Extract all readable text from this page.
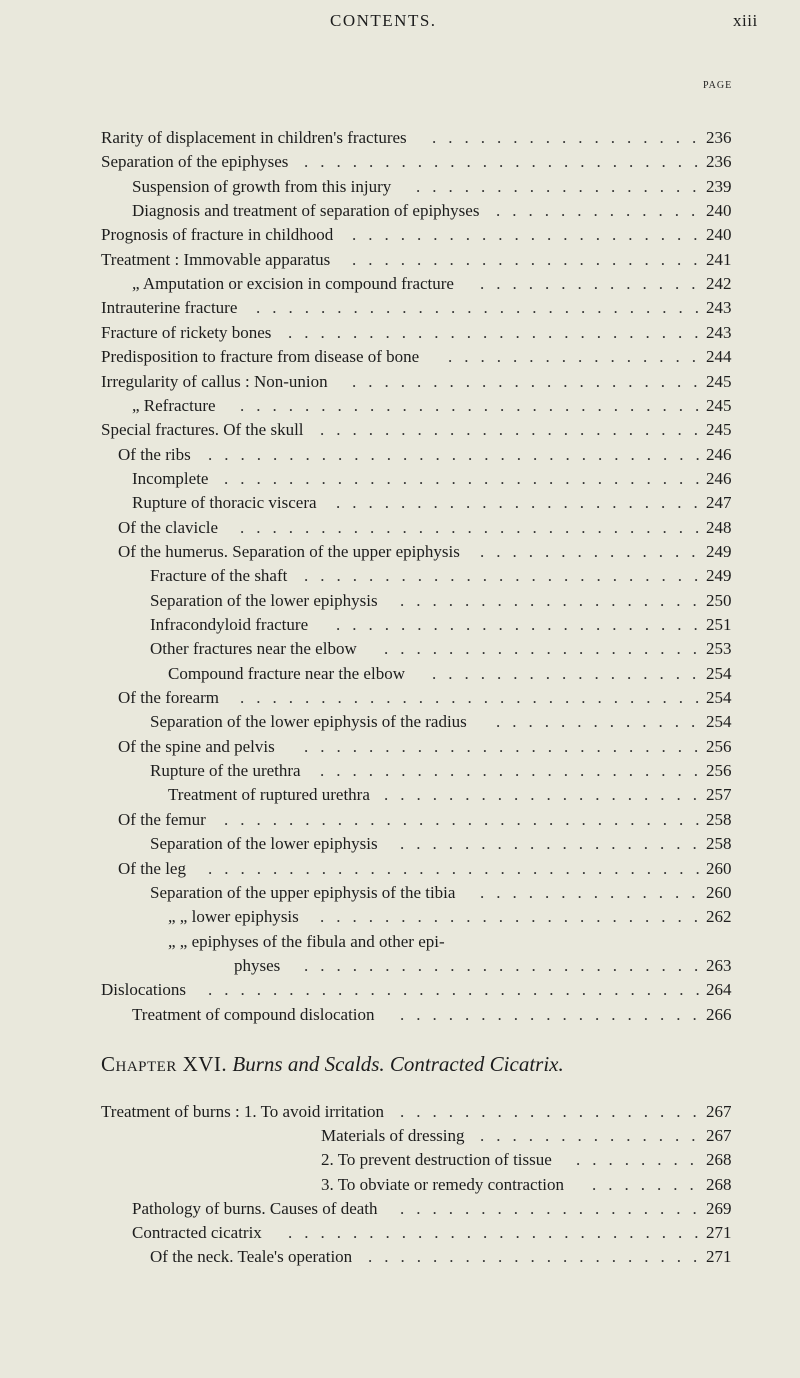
CONTENTS.	xiii
PAGE
Rarity of displacement in children's fractures .................
236
Separation of the epiphyses .........................
236
Suspension of growth from this injury ..................
239
Diagnosis and treatment of separation of epiphyses .............
240
Prognosis of fracture in childhood ......................
240
Treatment : Immovable apparatus ......................
241
„ Amputation or excision in compound fracture ..............
242
Intrauterine fracture ............................
243
Fracture of rickety bones ..........................
243
Predisposition to fracture from disease of bone ................
244
Irregularity of callus : Non-union ......................
245
„ Refracture .............................
245
Special fractures. Of the skull ........................
245
Of the ribs ...............................
246
Incomplete ..............................
246
Rupture of thoracic viscera .......................
247
Of the clavicle .............................
248
Of the humerus. Separation of the upper epiphysis ..............
249
Fracture of the shaft .........................
249
Separation of the lower epiphysis ...................
250
Infracondyloid fracture .......................
251
Other fractures near the elbow ....................
253
Compound fracture near the elbow .................
254
Of the forearm .............................
254
Separation of the lower epiphysis of the radius .............
254
Of the spine and pelvis .........................
256
Rupture of the urethra ........................
256
Treatment of ruptured urethra ....................
257
Of the femur ..............................
258
Separation of the lower epiphysis ...................
258
Of the leg ...............................
260
Separation of the upper epiphysis of the tibia ..............
260
„ „ lower epiphysis ........................
262
„ „ epiphyses of the fibula and other epi-
physes .........................
263
Dislocations ...............................
264
Treatment of compound dislocation ...................
266
Chapter XVI. Burns and Scalds. Contracted Cicatrix.
Treatment of burns : 1. To avoid irritation ...................
267
Materials of dressing ..............
267
2. To prevent destruction of tissue ........ 268
3. To obviate or remedy contraction ....... 268
Pathology of burns. Causes of death ...................
269
Contracted cicatrix ..........................
271
Of the neck. Teale's operation .....................
271
